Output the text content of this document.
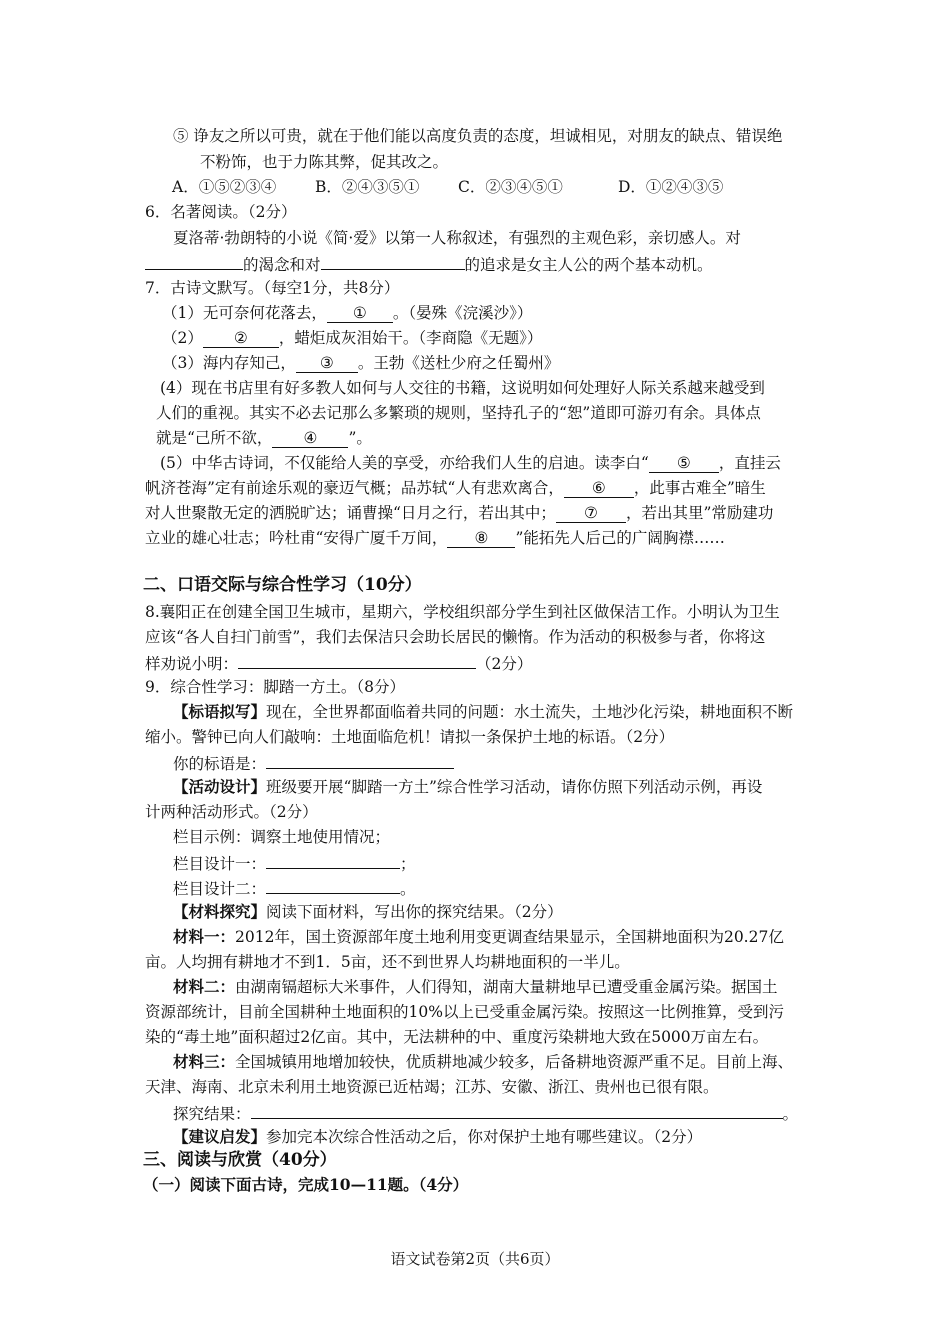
⑤ 诤友之所以可贵，就在于他们能以高度负责的态度，坦诚相见，对朋友的缺点、错误绝
不粉饰，也于力陈其弊，促其改之。
A．①⑤②③④	B．②④③⑤① C．②③④⑤①	D．①②④③⑤
6．名著阅读。（2分）
夏洛蒂·勃朗特的小说《简·爱》以第一人称叙述，有强烈的主观色彩，亲切感人。对
的渴念和对	的追求是女主人公的两个基本动机。
7．古诗文默写。（每空1分，共8分）
（1）无可奈何花落去， ① 。（晏殊《浣溪沙》）
（2） ② ，蜡炬成灰泪始干。（李商隐《无题》）
（3）海内存知己， ③ 。王勃《送杜少府之任蜀州》
(4）现在书店里有好多教人如何与人交往的书籍，这说明如何处理好人际关系越来越受到
人们的重视。其实不必去记那么多繁琐的规则，坚持孔子的“恕”道即可游刃有余。具体点
就是“己所不欲， ④ ”。
(5）中华古诗词，不仅能给人美的享受，亦给我们人生的启迪。读李白“ ⑤ ，直挂云
帆济苍海”定有前途乐观的豪迈气概；品苏轼“人有悲欢离合， ⑥ ，此事古难全”暗生
对人世聚散无定的洒脱旷达；诵曹操“日月之行，若出其中； ⑦ ，若出其里”常励建功
立业的雄心壮志；吟杜甫“安得广厦千万间， ⑧ ”能拓先人后己的广阔胸襟……
二、口语交际与综合性学习（10分）
8.襄阳正在创建全国卫生城市，星期六，学校组织部分学生到社区做保洁工作。小明认为卫生
应该“各人自扫门前雪”，我们去保洁只会助长居民的懒惰。作为活动的积极参与者，你将这
样劝说小明：	（2分）
9．综合性学习：脚踏一方土。（8分）
【标语拟写】现在，全世界都面临着共同的问题：水土流失，土地沙化污染，耕地面积不断
缩小。警钟已向人们敲响：土地面临危机！请拟一条保护土地的标语。（2分）
你的标语是：
【活动设计】班级要开展“脚踏一方土”综合性学习活动，请你仿照下列活动示例，再设
计两种活动形式。（2分）
栏目示例：调察土地使用情况；
栏目设计一：	；
栏目设计二：	。
【材料探究】阅读下面材料，写出你的探究结果。（2分）
材料一：2012年，国土资源部年度土地利用变更调查结果显示，全国耕地面积为20.27亿
亩。人均拥有耕地才不到1．5亩，还不到世界人均耕地面积的一半儿。
材料二：由湖南镉超标大米事件，人们得知，湖南大量耕地早已遭受重金属污染。据国土
资源部统计，目前全国耕种土地面积的10%以上已受重金属污染。按照这一比例推算，受到污
染的“毒土地”面积超过2亿亩。其中，无法耕种的中、重度污染耕地大致在5000万亩左右。
材料三：全国城镇用地增加较快，优质耕地减少较多，后备耕地资源严重不足。目前上海、
天津、海南、北京未利用土地资源已近枯竭；江苏、安徽、浙江、贵州也已很有限。
探究结果：	。
【建议启发】参加完本次综合性活动之后，你对保护土地有哪些建议。（2分）
三、阅读与欣赏（40分）
（一）阅读下面古诗，完成10—11题。（4分）
语文试卷第2页（共6页）
